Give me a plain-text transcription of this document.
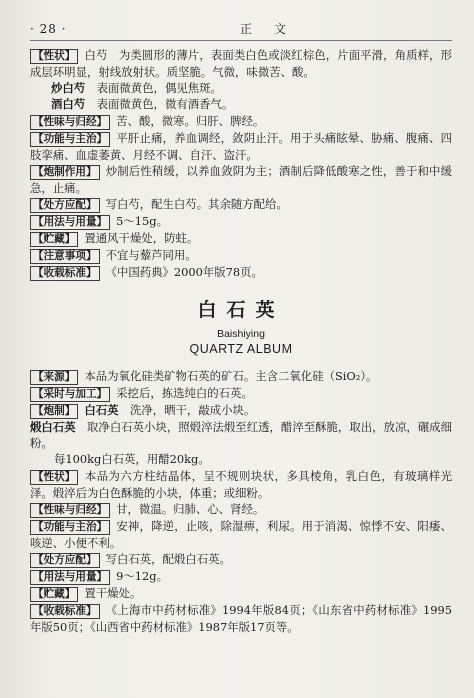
· 28 ·	正文

【性状】 白芍　为类圆形的薄片，表面类白色或淡红棕色，片面平滑，角质样，形成层环明显，射线放射状。质坚脆。气微，味微苦、酸。

炒白芍　 表面微黄色，偶见焦斑。

酒白芍　 表面微黄色，微有酒香气。

【性味与归经】 苦、酸，微寒。归肝、脾经。

【功能与主治】 平肝止痛，养血调经，敛阴止汗。用于头痛眩晕、胁痛、腹痛、四肢挛痛、血虚萎黄、月经不调、自汗、盗汗。

【炮制作用】 炒制后性稍缓，以养血敛阴为主；酒制后降低酸寒之性，善于和中缓急，止痛。

【处方应配】 写白芍，配生白芍。其余随方配给。

【用法与用量】 5～15g。

【贮藏】 置通风干燥处，防蛀。

【注意事项】 不宜与藜芦同用。

【收载标准】 《中国药典》2000年版78页。

白石英

Baishiying

QUARTZ ALBUM

【来源】 本品为氧化硅类矿物石英的矿石。主含二氧化硅（SiO₂）。

【采时与加工】 采挖后，拣选纯白的石英。

【炮制】 白石英　 洗净，晒干，敲成小块。

煅白石英　 取净白石英小块，照煅淬法煅至红透，醋淬至酥脆，取出，放凉，碾成细粉。

每100kg白石英，用醋20kg。

【性状】 本品为六方柱结晶体，呈不规则块状，多具棱角，乳白色，有玻璃样光泽。煅淬后为白色酥脆的小块，体重；或细粉。

【性味与归经】 甘，微温。归肺、心、肾经。

【功能与主治】 安神，降逆，止咳，除湿痹，利尿。用于消渴、惊悸不安、阳痿、咳逆、小便不利。

【处方应配】 写白石英，配煅白石英。

【用法与用量】 9～12g。

【贮藏】 置干燥处。

【收载标准】 《上海市中药材标准》1994年版84页；《山东省中药材标准》1995年版50页；《山西省中药材标准》1987年版17页等。
